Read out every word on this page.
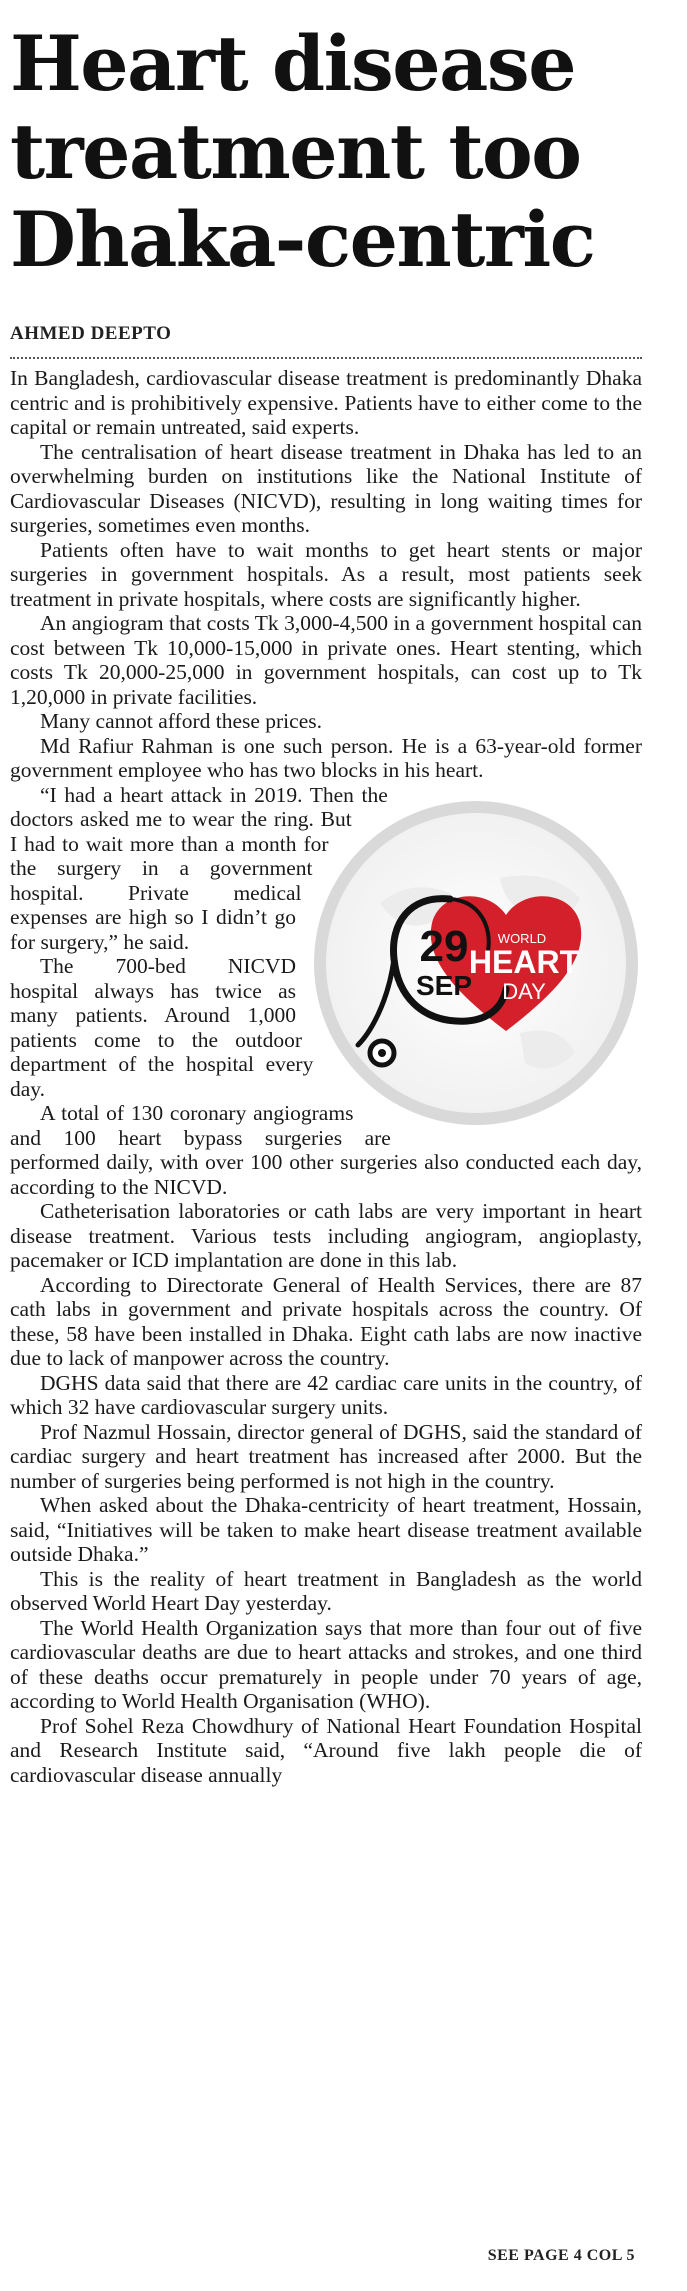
Heart disease
treatment too
Dhaka-centric
AHMED DEEPTO

In Bangladesh, cardiovascular disease treatment is predominantly Dhaka centric and is prohibitively expensive. Patients have to either come to the capital or remain untreated, said experts.

The centralisation of heart disease treatment in Dhaka has led to an overwhelming burden on institutions like the National Institute of Cardiovascular Diseases (NICVD), resulting in long waiting times for surgeries, sometimes even months.

Patients often have to wait months to get heart stents or major surgeries in government hospitals. As a result, most patients seek treatment in private hospitals, where costs are significantly higher.

An angiogram that costs Tk 3,000-4,500 in a government hospital can cost between Tk 10,000-15,000 in private ones. Heart stenting, which costs Tk 20,000-25,000 in government hospitals, can cost up to Tk 1,20,000 in private facilities.

Many cannot afford these prices.

Md Rafiur Rahman is one such person. He is a 63-year-old former government employee who has two blocks in his heart.

29
SEP
WORLD
HEART
DAY

“I had a heart attack in 2019. Then the doctors asked me to wear the ring. But I had to wait more than a month for the surgery in a government hospital. Private medical expenses are high so I didn’t go for surgery,” he said.

The 700-bed NICVD hospital always has twice as many patients. Around 1,000 patients come to the outdoor department of the hospital every day.

A total of 130 coronary angiograms and 100 heart bypass surgeries are performed daily, with over 100 other surgeries also conducted each day, according to the NICVD.

Catheterisation laboratories or cath labs are very important in heart disease treatment. Various tests including angiogram, angioplasty, pacemaker or ICD implantation are done in this lab.

According to Directorate General of Health Services, there are 87 cath labs in government and private hospitals across the country. Of these, 58 have been installed in Dhaka. Eight cath labs are now inactive due to lack of manpower across the country.

DGHS data said that there are 42 cardiac care units in the country, of which 32 have cardiovascular surgery units.

Prof Nazmul Hossain, director general of DGHS, said the standard of cardiac surgery and heart treatment has increased after 2000. But the number of surgeries being performed is not high in the country.

When asked about the Dhaka-centricity of heart treatment, Hossain, said, “Initiatives will be taken to make heart disease treatment available outside Dhaka.”

This is the reality of heart treatment in Bangladesh as the world observed World Heart Day yesterday.

The World Health Organization says that more than four out of five cardiovascular deaths are due to heart attacks and strokes, and one third of these deaths occur prematurely in people under 70 years of age, according to World Health Organisation (WHO).

Prof Sohel Reza Chowdhury of National Heart Foundation Hospital and Research Institute said, “Around five lakh people die of cardiovascular disease annually

SEE PAGE 4 COL 5
